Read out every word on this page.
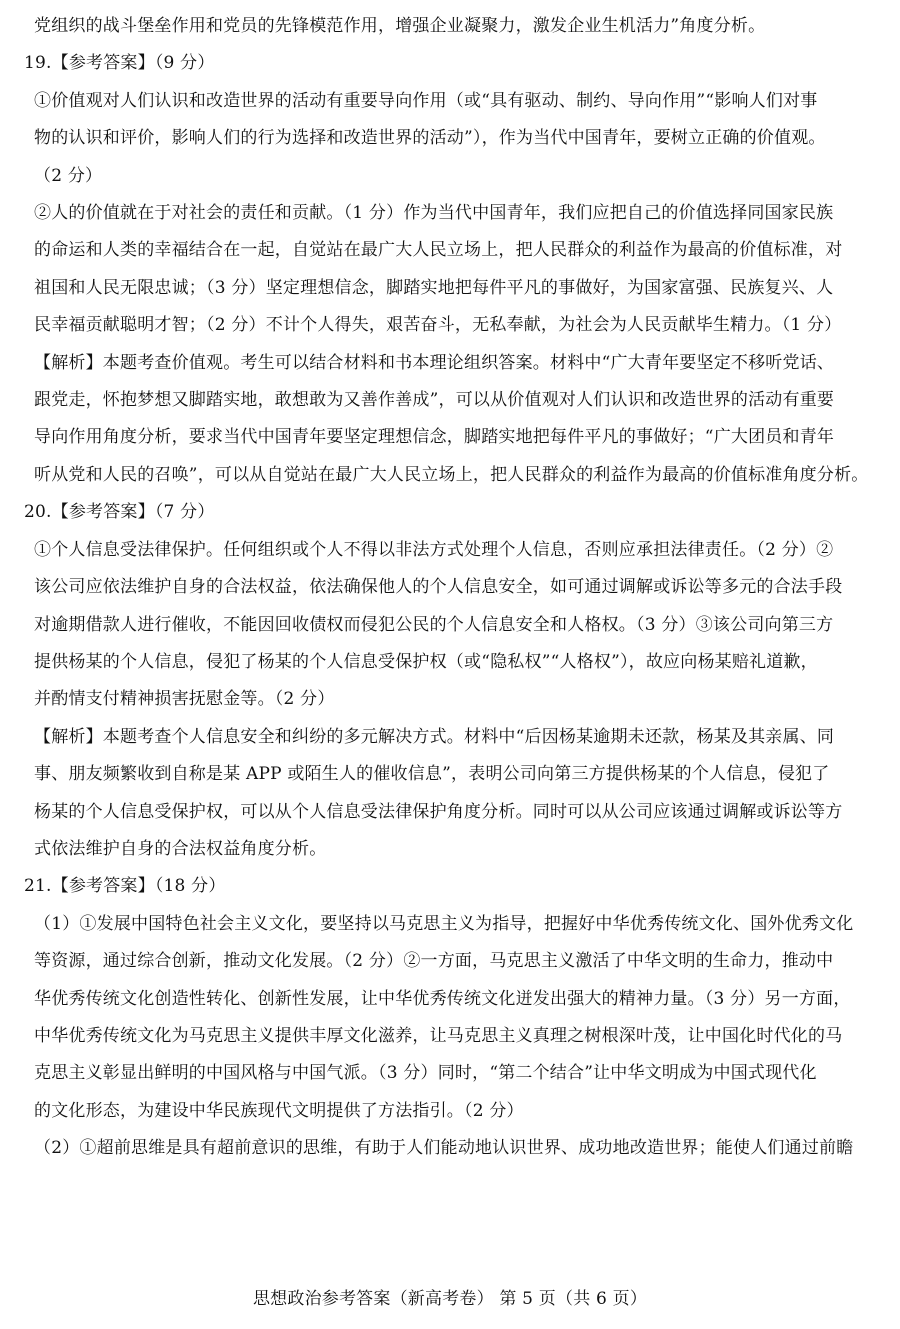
党组织的战斗堡垒作用和党员的先锋模范作用，增强企业凝聚力，激发企业生机活力”角度分析。
19.【参考答案】（9 分）
①价值观对人们认识和改造世界的活动有重要导向作用（或“具有驱动、制约、导向作用”“影响人们对事
物的认识和评价，影响人们的行为选择和改造世界的活动”），作为当代中国青年，要树立正确的价值观。
（2 分）
②人的价值就在于对社会的责任和贡献。（1 分）作为当代中国青年，我们应把自己的价值选择同国家民族
的命运和人类的幸福结合在一起，自觉站在最广大人民立场上，把人民群众的利益作为最高的价值标准，对
祖国和人民无限忠诚；（3 分）坚定理想信念，脚踏实地把每件平凡的事做好，为国家富强、民族复兴、人
民幸福贡献聪明才智；（2 分）不计个人得失，艰苦奋斗，无私奉献，为社会为人民贡献毕生精力。（1 分）
【解析】本题考查价值观。考生可以结合材料和书本理论组织答案。材料中“广大青年要坚定不移听党话、
跟党走，怀抱梦想又脚踏实地，敢想敢为又善作善成”，可以从价值观对人们认识和改造世界的活动有重要
导向作用角度分析，要求当代中国青年要坚定理想信念，脚踏实地把每件平凡的事做好；“广大团员和青年
听从党和人民的召唤”，可以从自觉站在最广大人民立场上，把人民群众的利益作为最高的价值标准角度分析。
20.【参考答案】（7 分）
①个人信息受法律保护。任何组织或个人不得以非法方式处理个人信息，否则应承担法律责任。（2 分）②
该公司应依法维护自身的合法权益，依法确保他人的个人信息安全，如可通过调解或诉讼等多元的合法手段
对逾期借款人进行催收，不能因回收债权而侵犯公民的个人信息安全和人格权。（3 分）③该公司向第三方
提供杨某的个人信息，侵犯了杨某的个人信息受保护权（或“隐私权”“人格权”），故应向杨某赔礼道歉，
并酌情支付精神损害抚慰金等。（2 分）
【解析】本题考查个人信息安全和纠纷的多元解决方式。材料中“后因杨某逾期未还款，杨某及其亲属、同
事、朋友频繁收到自称是某 APP 或陌生人的催收信息”，表明公司向第三方提供杨某的个人信息，侵犯了
杨某的个人信息受保护权，可以从个人信息受法律保护角度分析。同时可以从公司应该通过调解或诉讼等方
式依法维护自身的合法权益角度分析。
21.【参考答案】（18 分）
（1）①发展中国特色社会主义文化，要坚持以马克思主义为指导，把握好中华优秀传统文化、国外优秀文化
等资源，通过综合创新，推动文化发展。（2 分）②一方面，马克思主义激活了中华文明的生命力，推动中
华优秀传统文化创造性转化、创新性发展，让中华优秀传统文化迸发出强大的精神力量。（3 分）另一方面，
中华优秀传统文化为马克思主义提供丰厚文化滋养，让马克思主义真理之树根深叶茂，让中国化时代化的马
克思主义彰显出鲜明的中国风格与中国气派。（3 分）同时，“第二个结合”让中华文明成为中国式现代化
的文化形态，为建设中华民族现代文明提供了方法指引。（2 分）
（2）①超前思维是具有超前意识的思维，有助于人们能动地认识世界、成功地改造世界；能使人们通过前瞻
思想政治参考答案（新高考卷） 第 5 页（共 6 页）
